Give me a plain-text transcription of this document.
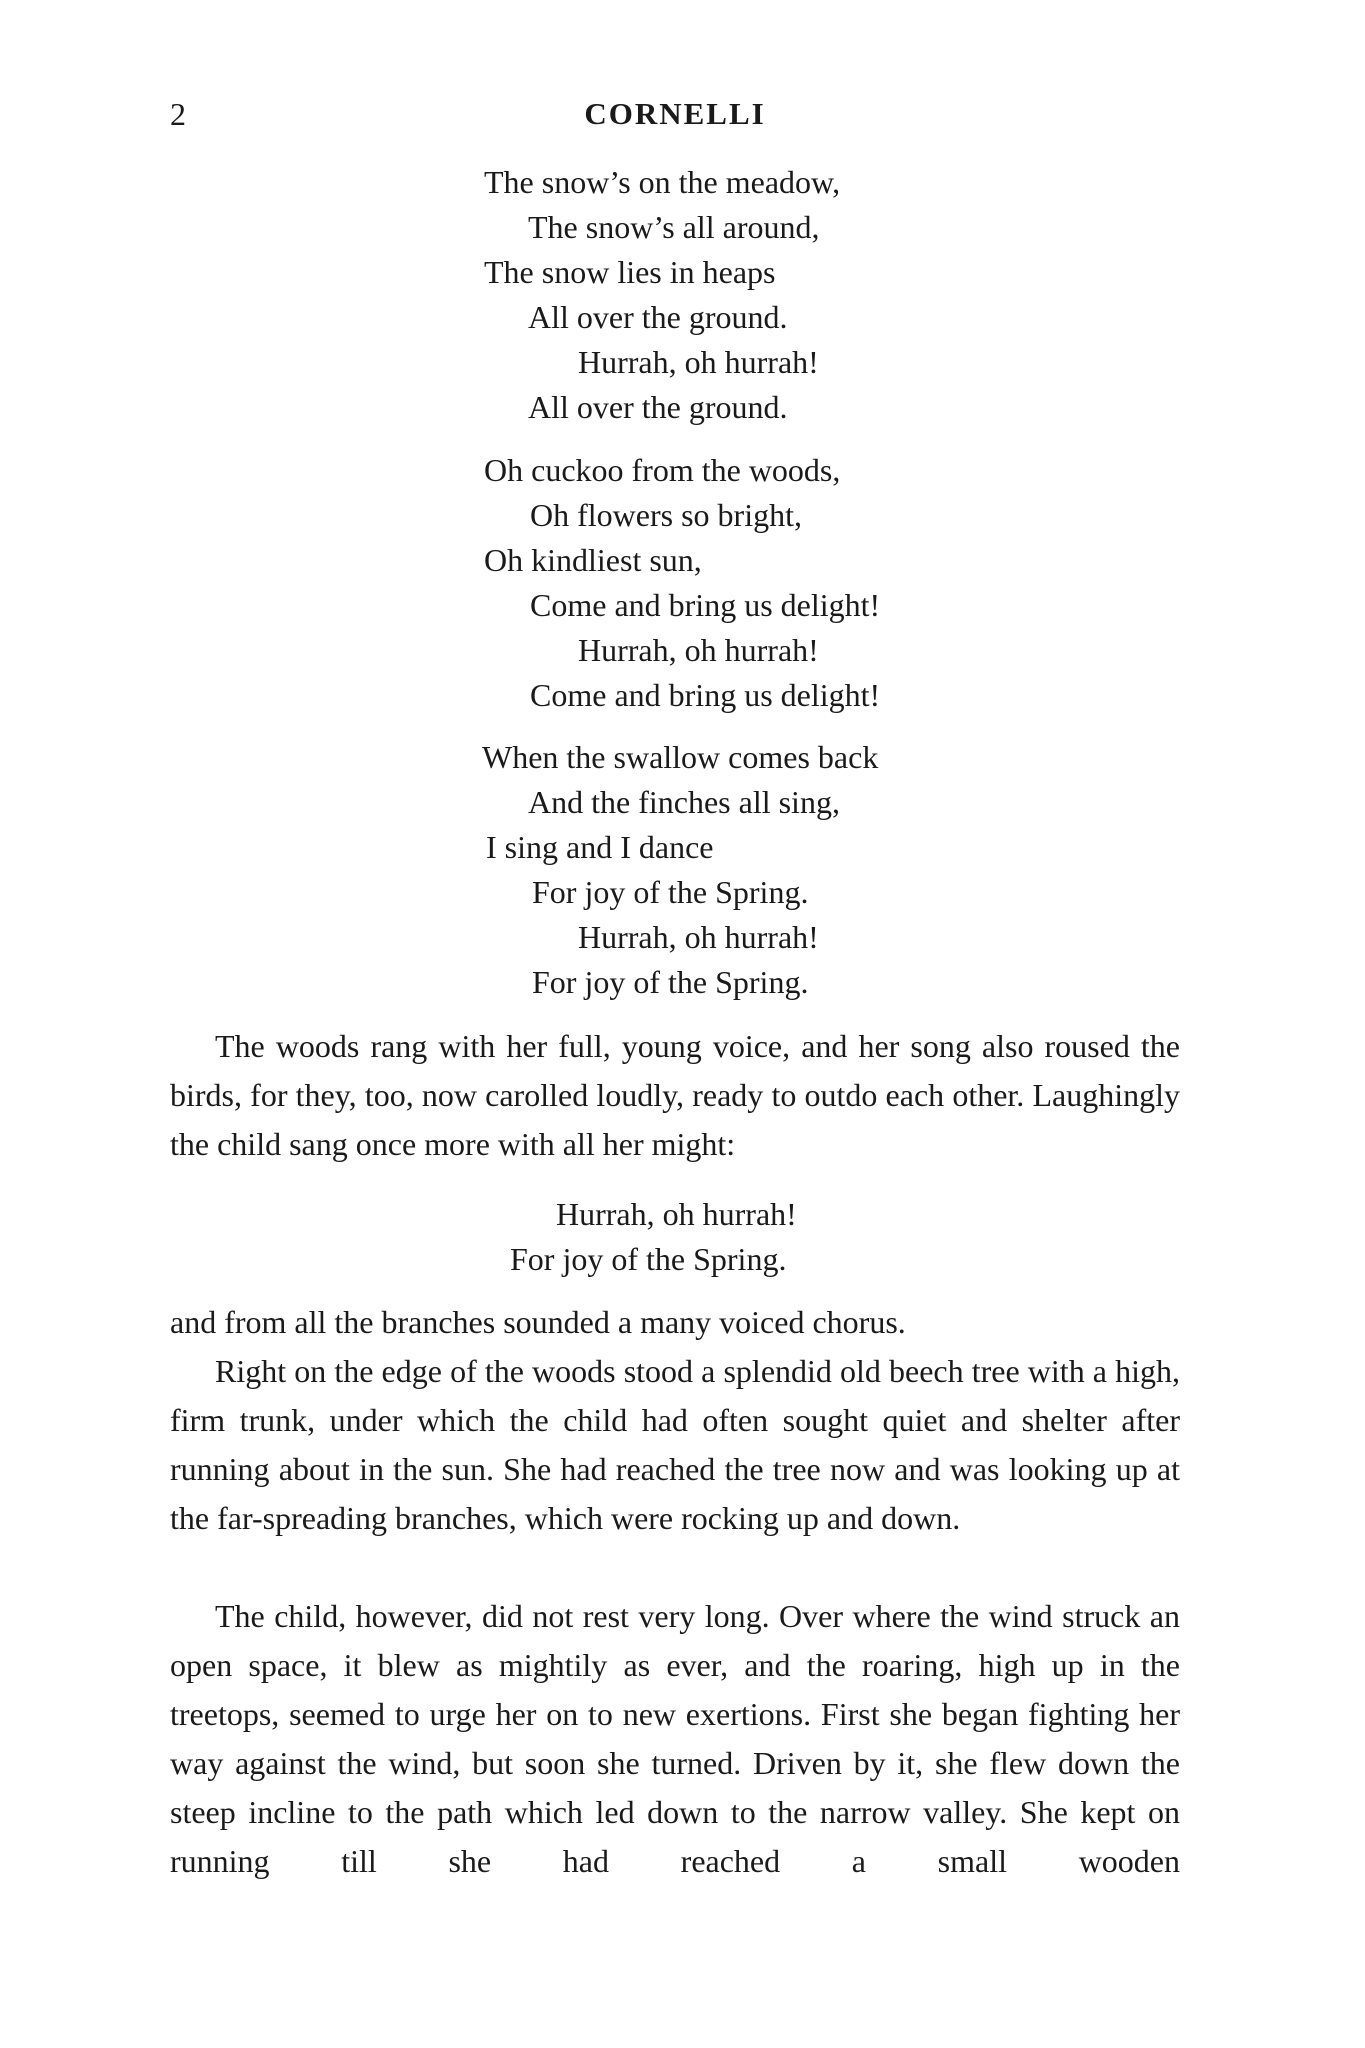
2	CORNELLI
The snow’s on the meadow,
The snow’s all around,
The snow lies in heaps
All over the ground.
Hurrah, oh hurrah!
All over the ground.
Oh cuckoo from the woods,
Oh flowers so bright,
Oh kindliest sun,
Come and bring us delight!
Hurrah, oh hurrah!
Come and bring us delight!
When the swallow comes back
And the finches all sing,
I sing and I dance
For joy of the Spring.
Hurrah, oh hurrah!
For joy of the Spring.

The woods rang with her full, young voice, and her song also roused the birds, for they, too, now carolled loudly, ready to outdo each other. Laughingly the child sang once more with all her might:

Hurrah, oh hurrah!
For joy of the Spring.

and from all the branches sounded a many voiced chorus.

Right on the edge of the woods stood a splendid old beech tree with a high, firm trunk, under which the child had often sought quiet and shelter after running about in the sun. She had reached the tree now and was looking up at the far-spreading branches, which were rocking up and down.

The child, however, did not rest very long. Over where the wind struck an open space, it blew as mightily as ever, and the roaring, high up in the treetops, seemed to urge her on to new exertions. First she began fighting her way against the wind, but soon she turned. Driven by it, she flew down the steep incline to the path which led down to the narrow valley. She kept on running till she had reached a small wooden
